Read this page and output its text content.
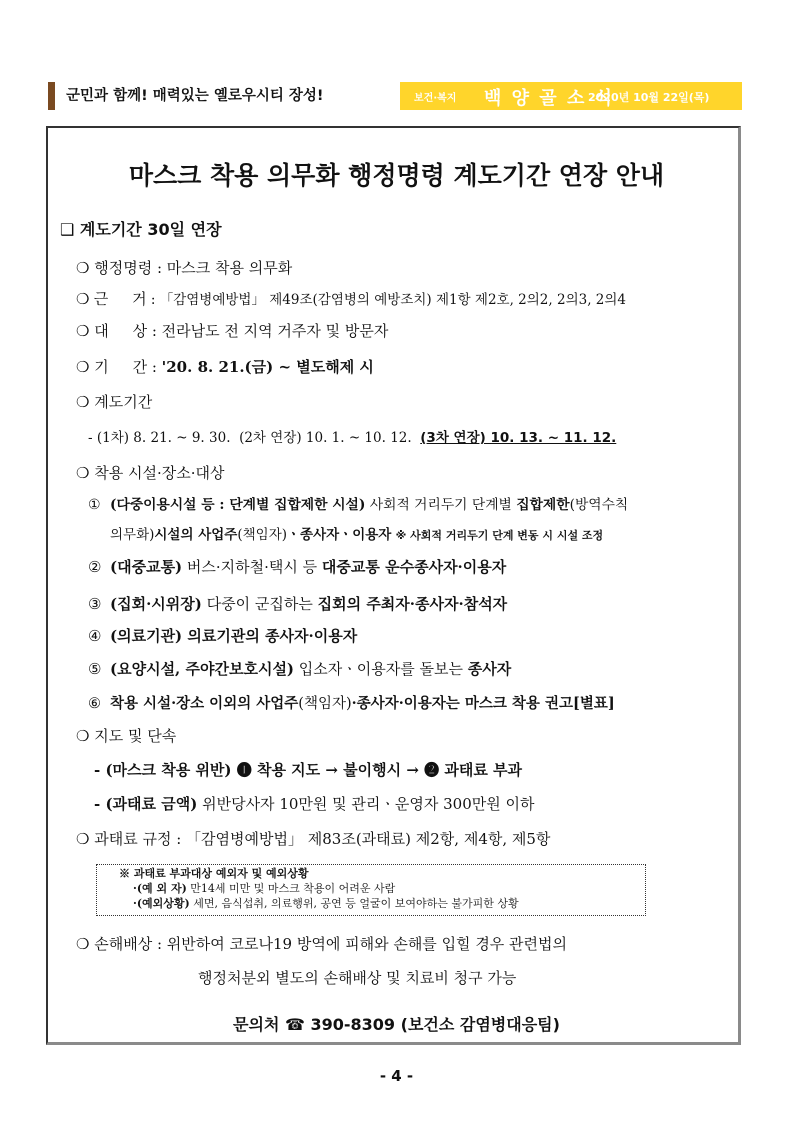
군민과 함께! 매력있는 옐로우시티 장성!	보건·복지 백 양 골 소 식
2020년 10월 22일(목)
마스크 착용 의무화 행정명령 계도기간 연장 안내
❑ 계도기간 30일 연장
❍ 행정명령 : 마스크 착용 의무화
❍ 근     거 : 「감염병예방법」 제49조(감염병의 예방조치) 제1항 제2호, 2의2, 2의3, 2의4
❍ 대     상 : 전라남도 전 지역 거주자 및 방문자
❍ 기     간 : '20. 8. 21.(금) ~ 별도해제 시
❍ 계도기간
- (1차) 8. 21. ~ 9. 30.  (2차 연장) 10. 1. ~ 10. 12.  (3차 연장) 10. 13. ~ 11. 12.
❍ 착용 시설·장소·대상
① (다중이용시설 등 : 단계별 집합제한 시설) 사회적 거리두기 단계별 집합제한(방역수칙
의무화)시설의 사업주(책임자)ㆍ종사자ㆍ이용자 ※ 사회적 거리두기 단계 변동 시 시설 조정
② (대중교통) 버스·지하철·택시 등 대중교통 운수종사자·이용자
③ (집회·시위장) 다중이 군집하는 집회의 주최자·종사자·참석자
④ (의료기관) 의료기관의 종사자·이용자
⑤ (요양시설, 주야간보호시설) 입소자ㆍ이용자를 돌보는 종사자
⑥ 착용 시설·장소 이외의 사업주(책임자)·종사자·이용자는 마스크 착용 권고[별표]
❍ 지도 및 단속
- (마스크 착용 위반) ❶ 착용 지도 → 불이행시 → ❷ 과태료 부과
- (과태료 금액) 위반당사자 10만원 및 관리ㆍ운영자 300만원 이하
❍ 과태료 규정 : 「감염병예방법」 제83조(과태료) 제2항, 제4항, 제5항
※ 과태료 부과대상 예외자 및 예외상황
·(예 외 자) 만14세 미만 및 마스크 착용이 어려운 사람
·(예외상황) 세면, 음식섭취, 의료행위, 공연 등 얼굴이 보여야하는 불가피한 상황
❍ 손해배상 : 위반하여 코로나19 방역에 피해와 손해를 입힐 경우 관련법의
행정처분외 별도의 손해배상 및 치료비 청구 가능
문의처 ☎ 390-8309 (보건소 감염병대응팀)
- 4 -
